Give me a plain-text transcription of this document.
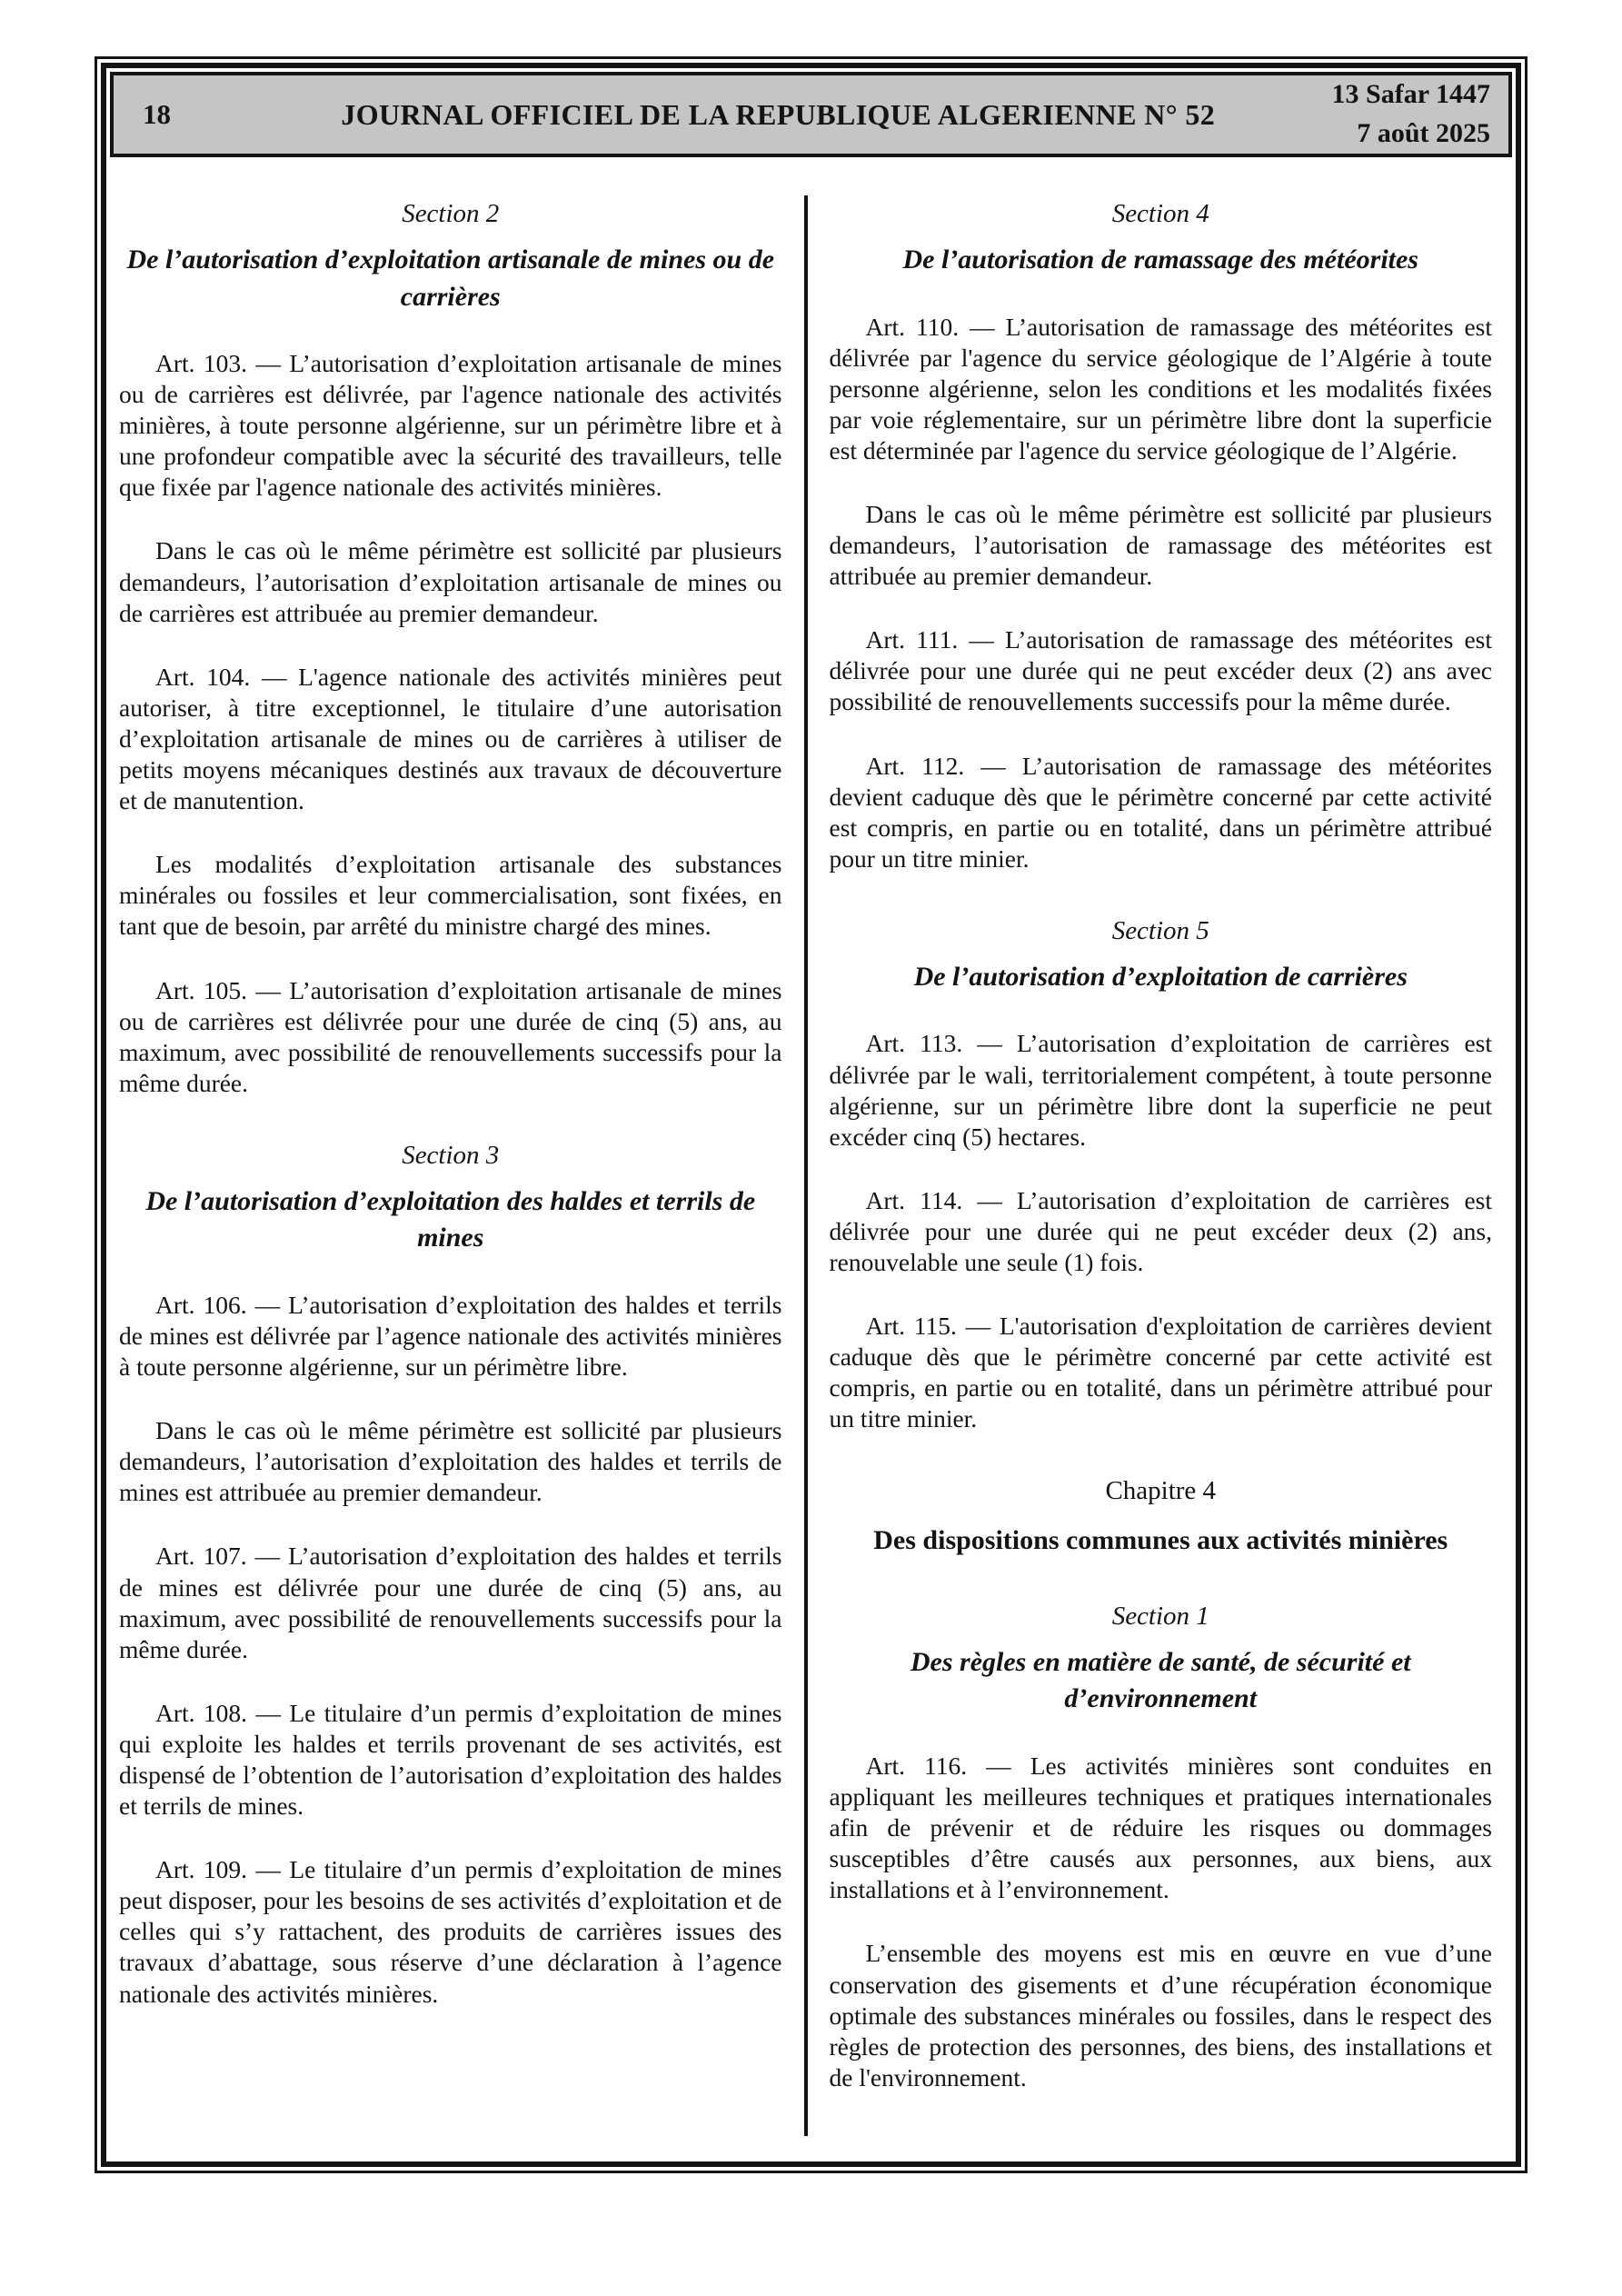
18	JOURNAL OFFICIEL DE LA REPUBLIQUE ALGERIENNE N° 52
13 Safar 1447
7 août 2025
Section 2
De l’autorisation d’exploitation artisanale de mines ou de carrières

Art. 103. — L’autorisation d’exploitation artisanale de mines ou de carrières est délivrée, par l'agence nationale des activités minières, à toute personne algérienne, sur un périmètre libre et à une profondeur compatible avec la sécurité des travailleurs, telle que fixée par l'agence nationale des activités minières.

Dans le cas où le même périmètre est sollicité par plusieurs demandeurs, l’autorisation d’exploitation artisanale de mines ou de carrières est attribuée au premier demandeur.

Art. 104. — L'agence nationale des activités minières peut autoriser, à titre exceptionnel, le titulaire d’une autorisation d’exploitation artisanale de mines ou de carrières à utiliser de petits moyens mécaniques destinés aux travaux de découverture et de manutention.

Les modalités d’exploitation artisanale des substances minérales ou fossiles et leur commercialisation, sont fixées, en tant que de besoin, par arrêté du ministre chargé des mines.

Art. 105. — L’autorisation d’exploitation artisanale de mines ou de carrières est délivrée pour une durée de cinq (5) ans, au maximum, avec possibilité de renouvellements successifs pour la même durée.

Section 3
De l’autorisation d’exploitation des haldes et terrils de mines

Art. 106. — L’autorisation d’exploitation des haldes et terrils de mines est délivrée par l’agence nationale des activités minières à toute personne algérienne, sur un périmètre libre.

Dans le cas où le même périmètre est sollicité par plusieurs demandeurs, l’autorisation d’exploitation des haldes et terrils de mines est attribuée au premier demandeur.

Art. 107. — L’autorisation d’exploitation des haldes et terrils de mines est délivrée pour une durée de cinq (5) ans, au maximum, avec possibilité de renouvellements successifs pour la même durée.

Art. 108. — Le titulaire d’un permis d’exploitation de mines qui exploite les haldes et terrils provenant de ses activités, est dispensé de l’obtention de l’autorisation d’exploitation des haldes et terrils de mines.

Art. 109. — Le titulaire d’un permis d’exploitation de mines peut disposer, pour les besoins de ses activités d’exploitation et de celles qui s’y rattachent, des produits de carrières issues des travaux d’abattage, sous réserve d’une déclaration à l’agence nationale des activités minières.

Section 4
De l’autorisation de ramassage des météorites

Art. 110. — L’autorisation de ramassage des météorites est délivrée par l'agence du service géologique de l’Algérie à toute personne algérienne, selon les conditions et les modalités fixées par voie réglementaire, sur un périmètre libre dont la superficie est déterminée par l'agence du service géologique de l’Algérie.

Dans le cas où le même périmètre est sollicité par plusieurs demandeurs, l’autorisation de ramassage des météorites est attribuée au premier demandeur.

Art. 111. — L’autorisation de ramassage des météorites est délivrée pour une durée qui ne peut excéder deux (2) ans avec possibilité de renouvellements successifs pour la même durée.

Art. 112. — L’autorisation de ramassage des météorites devient caduque dès que le périmètre concerné par cette activité est compris, en partie ou en totalité, dans un périmètre attribué pour un titre minier.

Section 5
De l’autorisation d’exploitation de carrières

Art. 113. — L’autorisation d’exploitation de carrières est délivrée par le wali, territorialement compétent, à toute personne algérienne, sur un périmètre libre dont la superficie ne peut excéder cinq (5) hectares.

Art. 114. — L’autorisation d’exploitation de carrières est délivrée pour une durée qui ne peut excéder deux (2) ans, renouvelable une seule (1) fois.

Art. 115. — L'autorisation d'exploitation de carrières devient caduque dès que le périmètre concerné par cette activité est compris, en partie ou en totalité, dans un périmètre attribué pour un titre minier.

Chapitre 4
Des dispositions communes aux activités minières
Section 1
Des règles en matière de santé, de sécurité et d’environnement

Art. 116. — Les activités minières sont conduites en appliquant les meilleures techniques et pratiques internationales afin de prévenir et de réduire les risques ou dommages susceptibles d’être causés aux personnes, aux biens, aux installations et à l’environnement.

L’ensemble des moyens est mis en œuvre en vue d’une conservation des gisements et d’une récupération économique optimale des substances minérales ou fossiles, dans le respect des règles de protection des personnes, des biens, des installations et de l'environnement.
